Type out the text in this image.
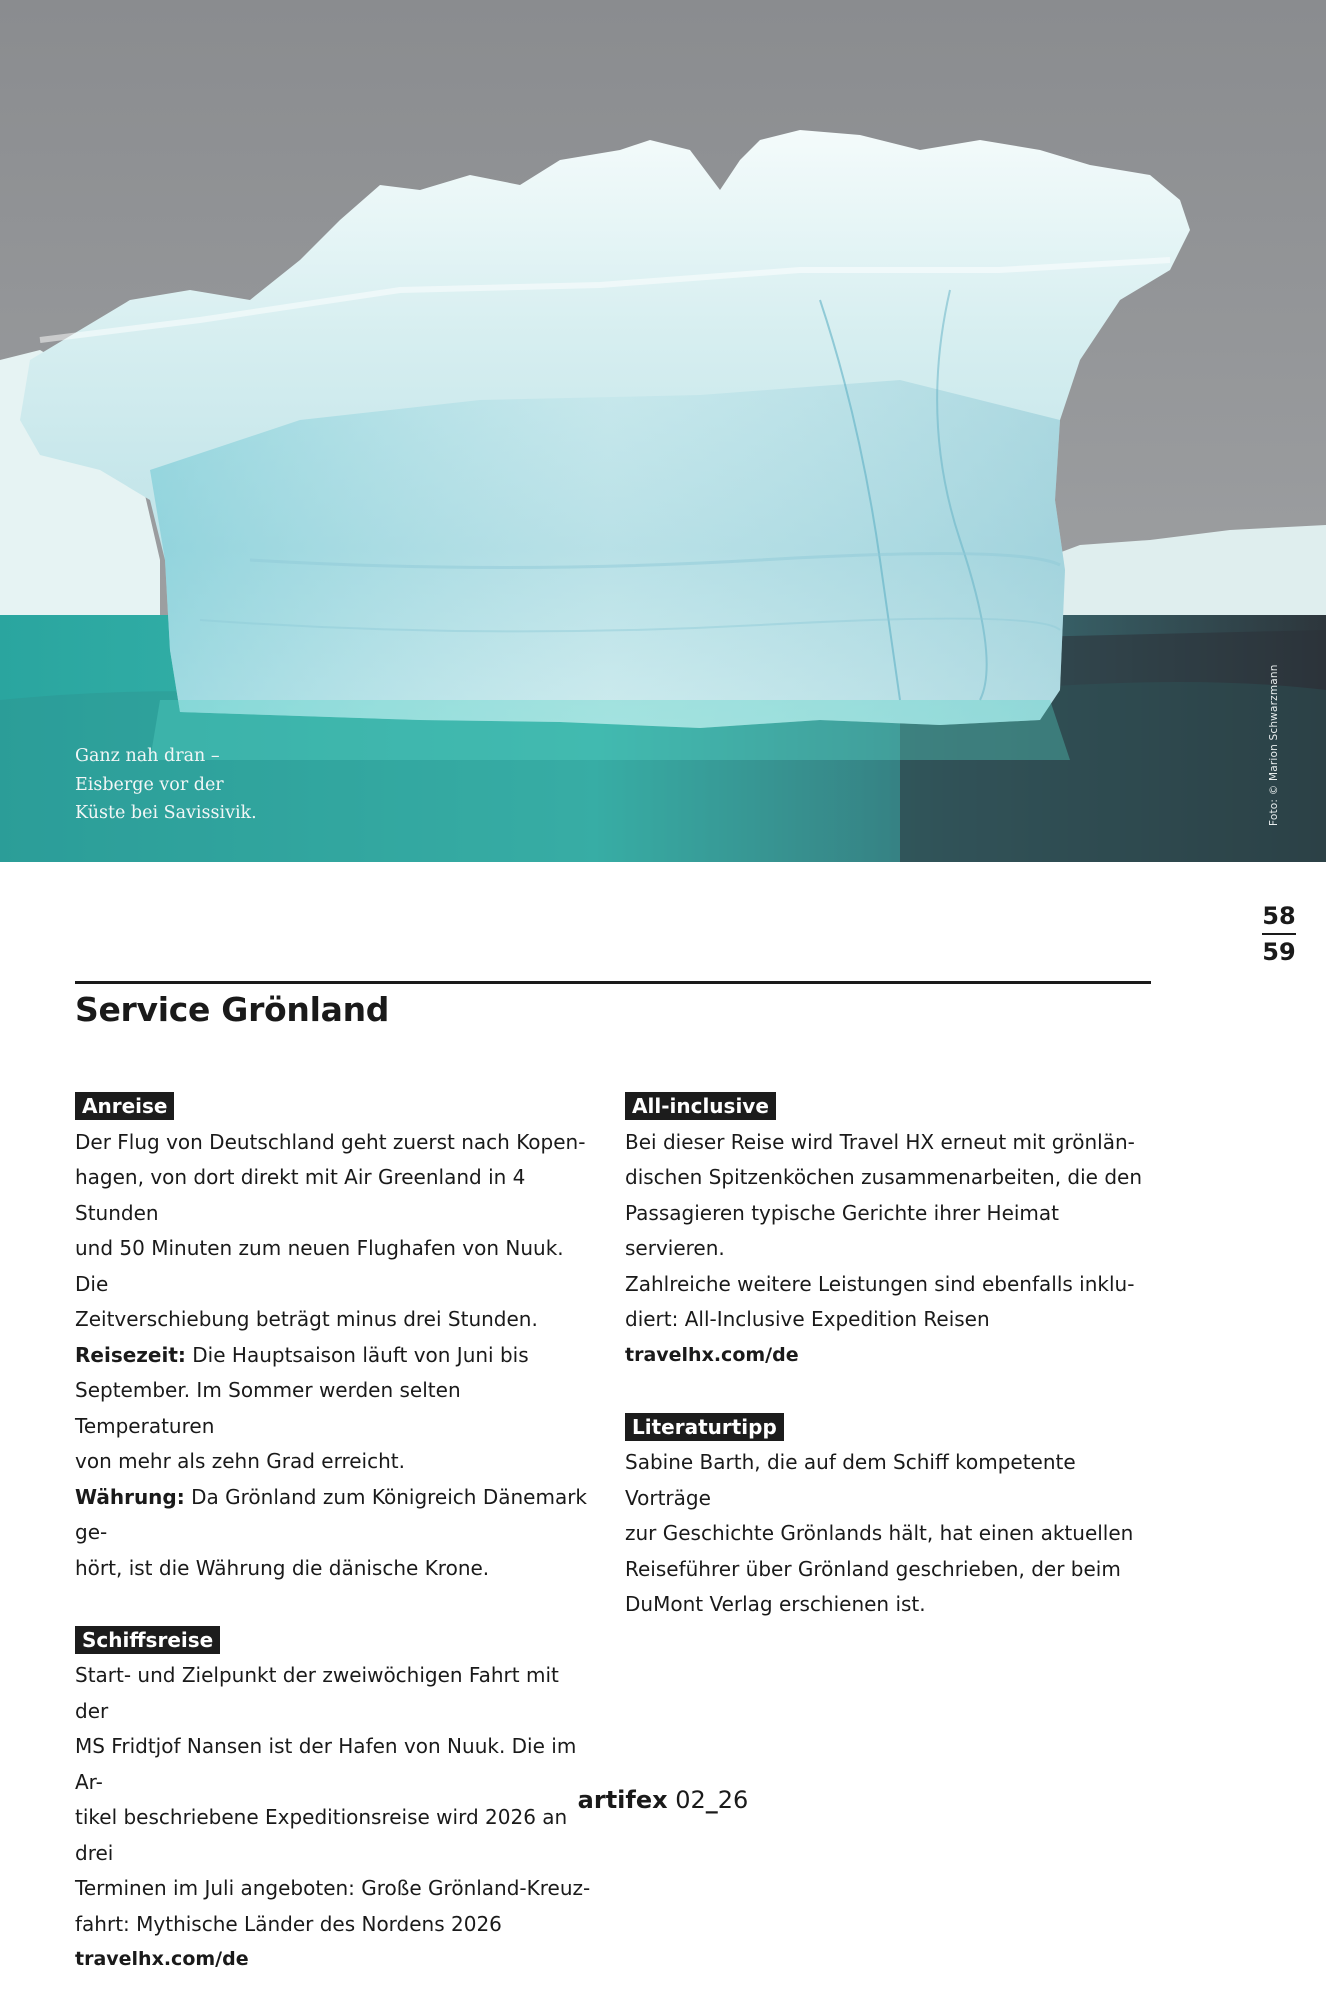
Ganz nah dran –
Eisberge vor der
Küste bei Savissivik.	Foto: © Marion Schwarzmann
58
59
Service Grönland
Anreise
Der Flug von Deutschland geht zuerst nach Kopen-
hagen, von dort direkt mit Air Greenland in 4 Stunden
und 50 Minuten zum neuen Flughafen von Nuuk. Die
Zeitverschiebung beträgt minus drei Stunden.
Reisezeit: Die Hauptsaison läuft von Juni bis
September. Im Sommer werden selten Temperaturen
von mehr als zehn Grad erreicht.
Währung: Da Grönland zum Königreich Dänemark ge-
hört, ist die Währung die dänische Krone.
Schiffsreise
Start- und Zielpunkt der zweiwöchigen Fahrt mit der
MS Fridtjof Nansen ist der Hafen von Nuuk. Die im Ar-
tikel beschriebene Expeditionsreise wird 2026 an drei
Terminen im Juli angeboten: Große Grönland-Kreuz-
fahrt: Mythische Länder des Nordens 2026
travelhx.com/de
All-inclusive
Bei dieser Reise wird Travel HX erneut mit grönlän-
dischen Spitzenköchen zusammenarbeiten, die den
Passagieren typische Gerichte ihrer Heimat servieren.
Zahlreiche weitere Leistungen sind ebenfalls inklu-
diert: All-Inclusive Expedition Reisen
travelhx.com/de
Literaturtipp
Sabine Barth, die auf dem Schiff kompetente Vorträge
zur Geschichte Grönlands hält, hat einen aktuellen
Reiseführer über Grönland geschrieben, der beim
DuMont Verlag erschienen ist.
artifex 02_26
